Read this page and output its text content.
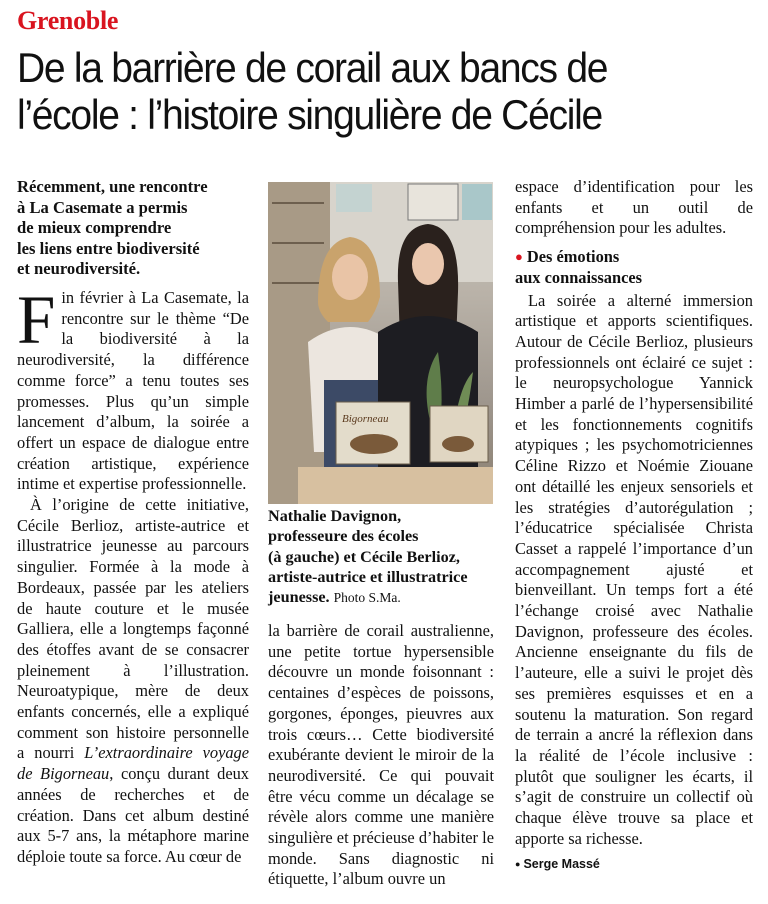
Grenoble
De la barrière de corail aux bancs de
l’école : l’histoire singulière de Cécile
Récemment, une rencontre
à La Casemate a permis
de mieux comprendre
les liens entre biodiversité
et neurodiversité.

Fin février à La Casemate, la rencontre sur le thème “De la biodiversité à la neurodiversité, la différence comme force” a tenu toutes ses promesses. Plus qu’un simple lancement d’album, la soirée a offert un espace de dialogue entre création artistique, expérience intime et expertise professionnelle.

À l’origine de cette initiative, Cécile Berlioz, artiste-autrice et illustratrice jeunesse au parcours singulier. Formée à la mode à Bordeaux, passée par les ateliers de haute couture et le musée Galliera, elle a longtemps façonné des étoffes avant de se consacrer pleinement à l’illustration. Neuroatypique, mère de deux enfants concernés, elle a expliqué comment son histoire personnelle a nourri L’extraordinaire voyage de Bigorneau, conçu durant deux années de recherches et de création. Dans cet album destiné aux 5-7 ans, la métaphore marine déploie toute sa force. Au cœur de

Bigorneau
Nathalie Davignon,
professeure des écoles
(à gauche) et Cécile Berlioz,
artiste-autrice et illustratrice
jeunesse. Photo S.Ma.

la barrière de corail australienne, une petite tortue hypersensible découvre un monde foisonnant : centaines d’espèces de poissons, gorgones, éponges, pieuvres aux trois cœurs… Cette biodiversité exubérante devient le miroir de la neurodiversité. Ce qui pouvait être vécu comme un décalage se révèle alors comme une manière singulière et précieuse d’habiter le monde. Sans diagnostic ni étiquette, l’album ouvre un

espace d’identification pour les enfants et un outil de compréhension pour les adultes.

● Des émotions
aux connaissances

La soirée a alterné immersion artistique et apports scientifiques. Autour de Cécile Berlioz, plusieurs professionnels ont éclairé ce sujet : le neuropsychologue Yannick Himber a parlé de l’hypersensibilité et les fonctionnements cognitifs atypiques ; les psychomotriciennes Céline Rizzo et Noémie Ziouane ont détaillé les enjeux sensoriels et les stratégies d’autorégulation ; l’éducatrice spécialisée Christa Casset a rappelé l’importance d’un accompagnement ajusté et bienveillant. Un temps fort a été l’échange croisé avec Nathalie Davignon, professeure des écoles. Ancienne enseignante du fils de l’auteure, elle a suivi le projet dès ses premières esquisses et en a soutenu la maturation. Son regard de terrain a ancré la réflexion dans la réalité de l’école inclusive : plutôt que souligner les écarts, il s’agit de construire un collectif où chaque élève trouve sa place et apporte sa richesse.

● Serge Massé
